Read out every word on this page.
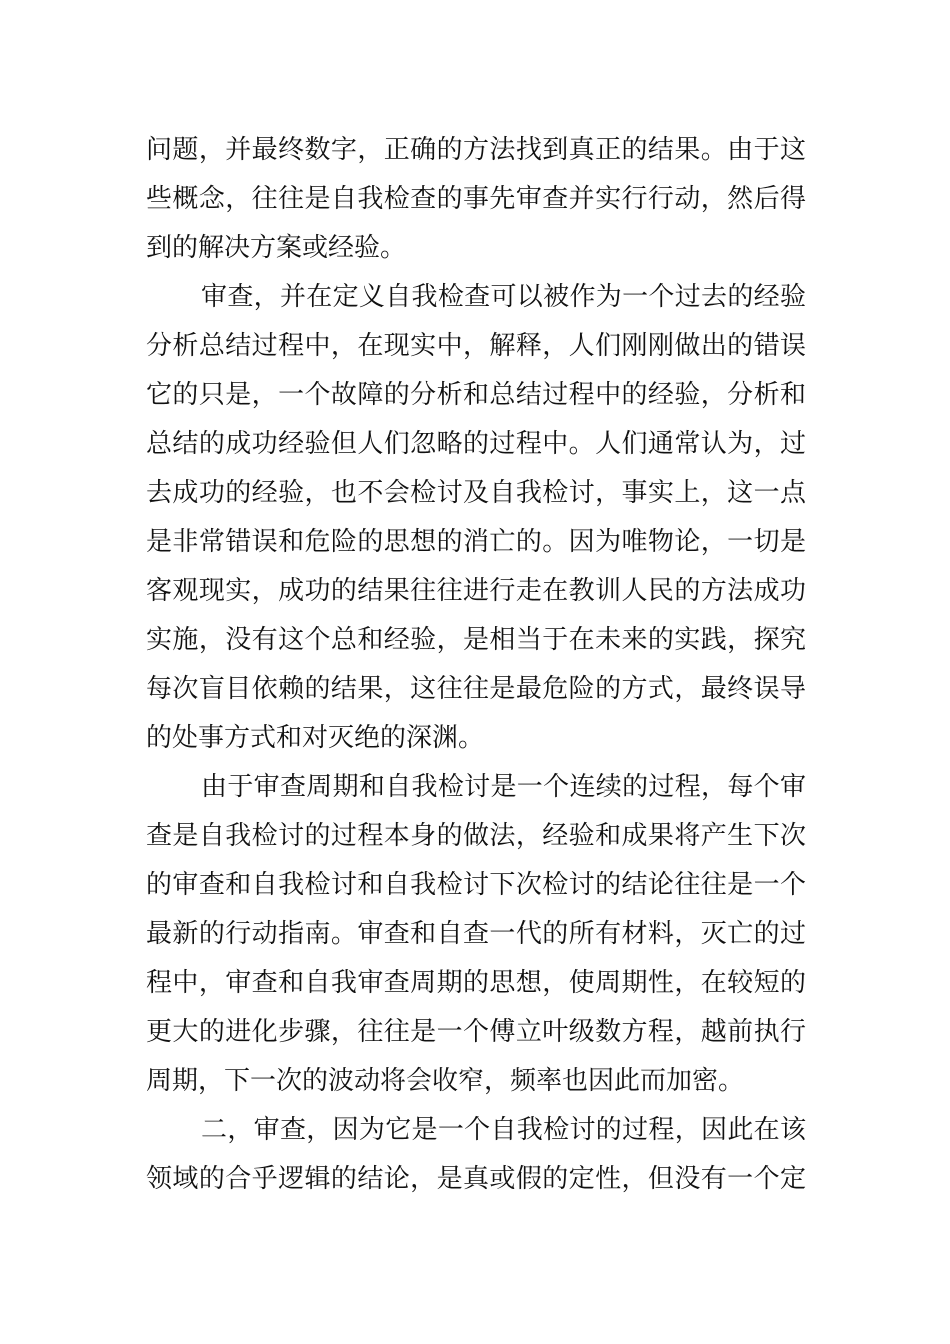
问题，并最终数字，正确的方法找到真正的结果。由于这
些概念，往往是自我检查的事先审查并实行行动，然后得
到的解决方案或经验。
审查，并在定义自我检查可以被作为一个过去的经验
分析总结过程中，在现实中，解释，人们刚刚做出的错误
它的只是，一个故障的分析和总结过程中的经验，分析和
总结的成功经验但人们忽略的过程中。人们通常认为，过
去成功的经验，也不会检讨及自我检讨，事实上，这一点
是非常错误和危险的思想的消亡的。因为唯物论，一切是
客观现实，成功的结果往往进行走在教训人民的方法成功
实施，没有这个总和经验，是相当于在未来的实践，探究
每次盲目依赖的结果，这往往是最危险的方式，最终误导
的处事方式和对灭绝的深渊。
由于审查周期和自我检讨是一个连续的过程，每个审
查是自我检讨的过程本身的做法，经验和成果将产生下次
的审查和自我检讨和自我检讨下次检讨的结论往往是一个
最新的行动指南。审查和自查一代的所有材料，灭亡的过
程中，审查和自我审查周期的思想，使周期性，在较短的
更大的进化步骤，往往是一个傅立叶级数方程，越前执行
周期，下一次的波动将会收窄，频率也因此而加密。
二，审查，因为它是一个自我检讨的过程，因此在该
领域的合乎逻辑的结论，是真或假的定性，但没有一个定
